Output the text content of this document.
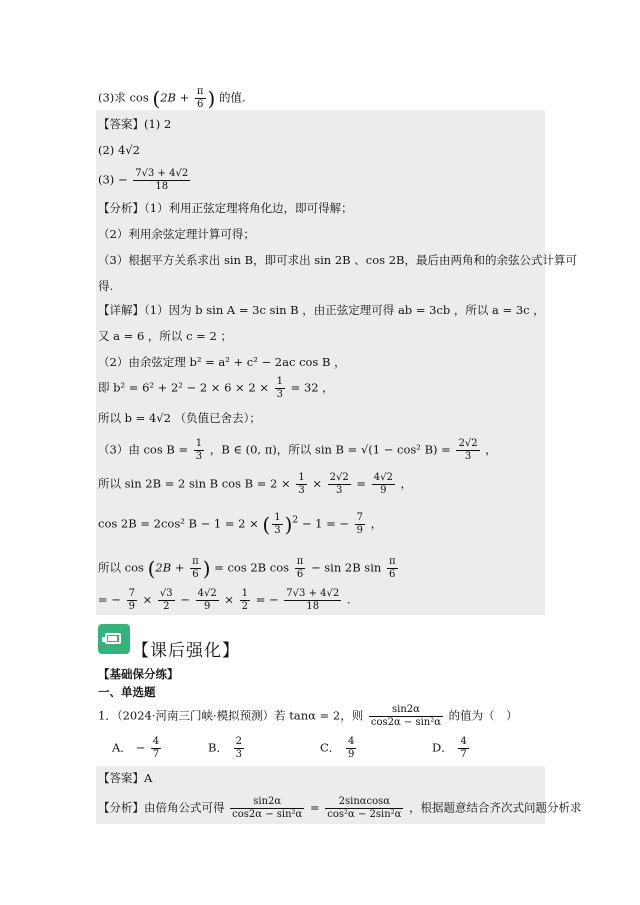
(3)求 $\cos (2B + \frac{\pi}{6}$ ) 的值.
【答案】(1) 2
(2) 4√2
$(3) - \frac{7√3 + 4√2}{18}$
【分析】（1）利用正弦定理将角化边，即可得解；
（2）利用余弦定理计算可得；
（3）根据平方关系求出 sin B，即可求出 sin 2B 、cos 2B，最后由两角和的余弦公式计算可
得.
【详解】（1）因为 b sin A = 3c sin B ，由正弦定理可得 ab = 3cb ，所以 a = 3c ，
又 a = 6 ，所以 c = 2 ；
（2）由余弦定理 b² = a² + c² − 2ac cos B ，
即 $b^2 = 6^2 + 2^2 - 2 \times 6 \times 2 \times \frac{1}{3} = 32$ ，
所以 b = 4√2 （负值已舍去）；
（3）由 $\cos B = \frac{1}{3}$ ，B ∈ (0, π)，所以 sin B = √(1 − cos² $B) = \frac{2√2}{3}$ ，
所以 sin 2B = 2 sin B $\cos B = 2 \times \frac{1}{3} \times \frac{2√2}{3} = \frac{4√2}{9}$ ，
cos 2B = 2cos² B − 1 = 2 × ( $\frac{1}{3} )^2 - 1$ = − $\frac{7}{9}$ ，
所以 $\cos (2B + \frac{\pi}{6}$ ) = cos 2B $\cos \frac{\pi}{6} - \sin 2B$ $\sin \frac{\pi}{6}$
= − $\frac{7}{9} \times \frac{√3}{2} - \frac{4√2}{9} \times \frac{1}{2}$ = − $\frac{7√3 + 4√2}{18}$ .
【课后强化】
【基础保分练】
一、单选题
1．（2024·河南三门峡·模拟预测）若 tanα = 2，则 $\frac{\sin 2\alpha}{\text{cos2α − sin²α}}$ 的值为（　）
A． − $\frac{4}{7}$	B． $\frac{2}{3}$	C． $\frac{4}{9}$	D． $\frac{4}{7}$
【答案】A
【分析】由倍角公式可得 $\frac{\sin 2\alpha}{\text{cos2α − sin²α}} = \frac{2\sin\alpha\cos\alpha}{\text{cos²α − 2sin²α}}$ ，根据题意结合齐次式问题分析求
